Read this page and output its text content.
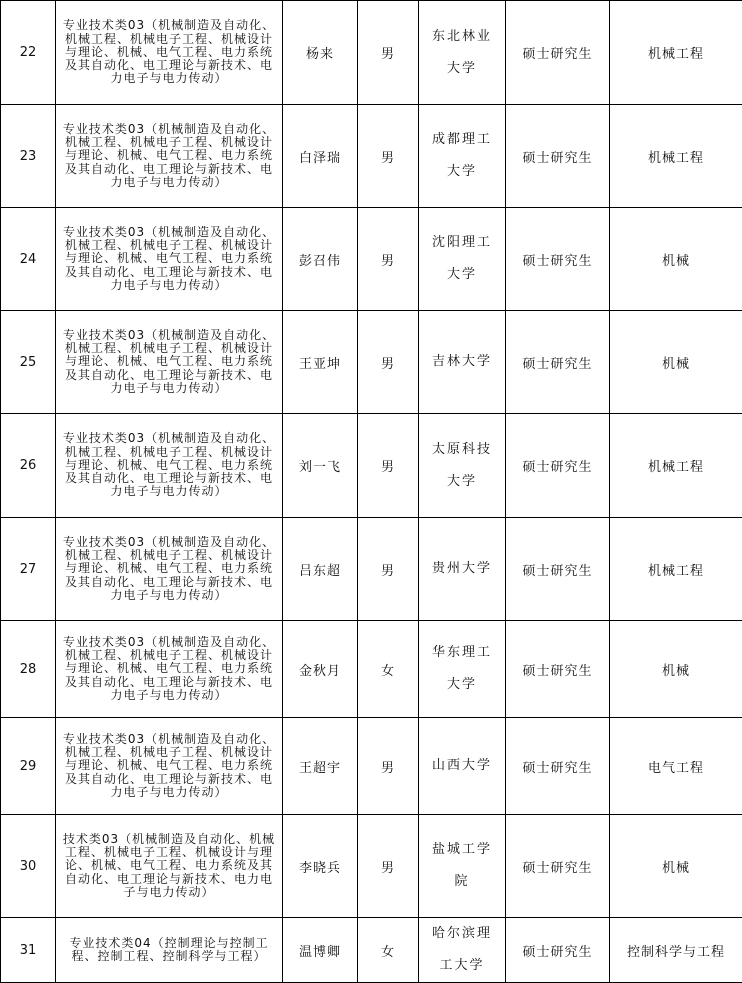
22	专业技术类03（机械制造及自动化、机械工程、机械电子工程、机械设计与理论、机械、电气工程、电力系统及其自动化、电工理论与新技术、电力电子与电力传动）	杨来	男	东北林业大学	硕士研究生	机械工程
23	专业技术类03（机械制造及自动化、机械工程、机械电子工程、机械设计与理论、机械、电气工程、电力系统及其自动化、电工理论与新技术、电力电子与电力传动）	白泽瑞	男	成都理工大学	硕士研究生	机械工程
24	专业技术类03（机械制造及自动化、机械工程、机械电子工程、机械设计与理论、机械、电气工程、电力系统及其自动化、电工理论与新技术、电力电子与电力传动）	彭召伟	男	沈阳理工大学	硕士研究生	机械
25	专业技术类03（机械制造及自动化、机械工程、机械电子工程、机械设计与理论、机械、电气工程、电力系统及其自动化、电工理论与新技术、电力电子与电力传动）	王亚坤	男	吉林大学	硕士研究生	机械
26	专业技术类03（机械制造及自动化、机械工程、机械电子工程、机械设计与理论、机械、电气工程、电力系统及其自动化、电工理论与新技术、电力电子与电力传动）	刘一飞	男	太原科技大学	硕士研究生	机械工程
27	专业技术类03（机械制造及自动化、机械工程、机械电子工程、机械设计与理论、机械、电气工程、电力系统及其自动化、电工理论与新技术、电力电子与电力传动）	吕东超	男	贵州大学	硕士研究生	机械工程
28	专业技术类03（机械制造及自动化、机械工程、机械电子工程、机械设计与理论、机械、电气工程、电力系统及其自动化、电工理论与新技术、电力电子与电力传动）	金秋月	女	华东理工大学	硕士研究生	机械
29	专业技术类03（机械制造及自动化、机械工程、机械电子工程、机械设计与理论、机械、电气工程、电力系统及其自动化、电工理论与新技术、电力电子与电力传动）	王超宇	男	山西大学	硕士研究生	电气工程
30	技术类03（机械制造及自动化、机械工程、机械电子工程、机械设计与理论、机械、电气工程、电力系统及其自动化、电工理论与新技术、电力电子与电力传动）	李晓兵	男	盐城工学院	硕士研究生	机械
31	专业技术类04（控制理论与控制工程、控制工程、控制科学与工程）	温博卿	女	哈尔滨理工大学	硕士研究生	控制科学与工程
